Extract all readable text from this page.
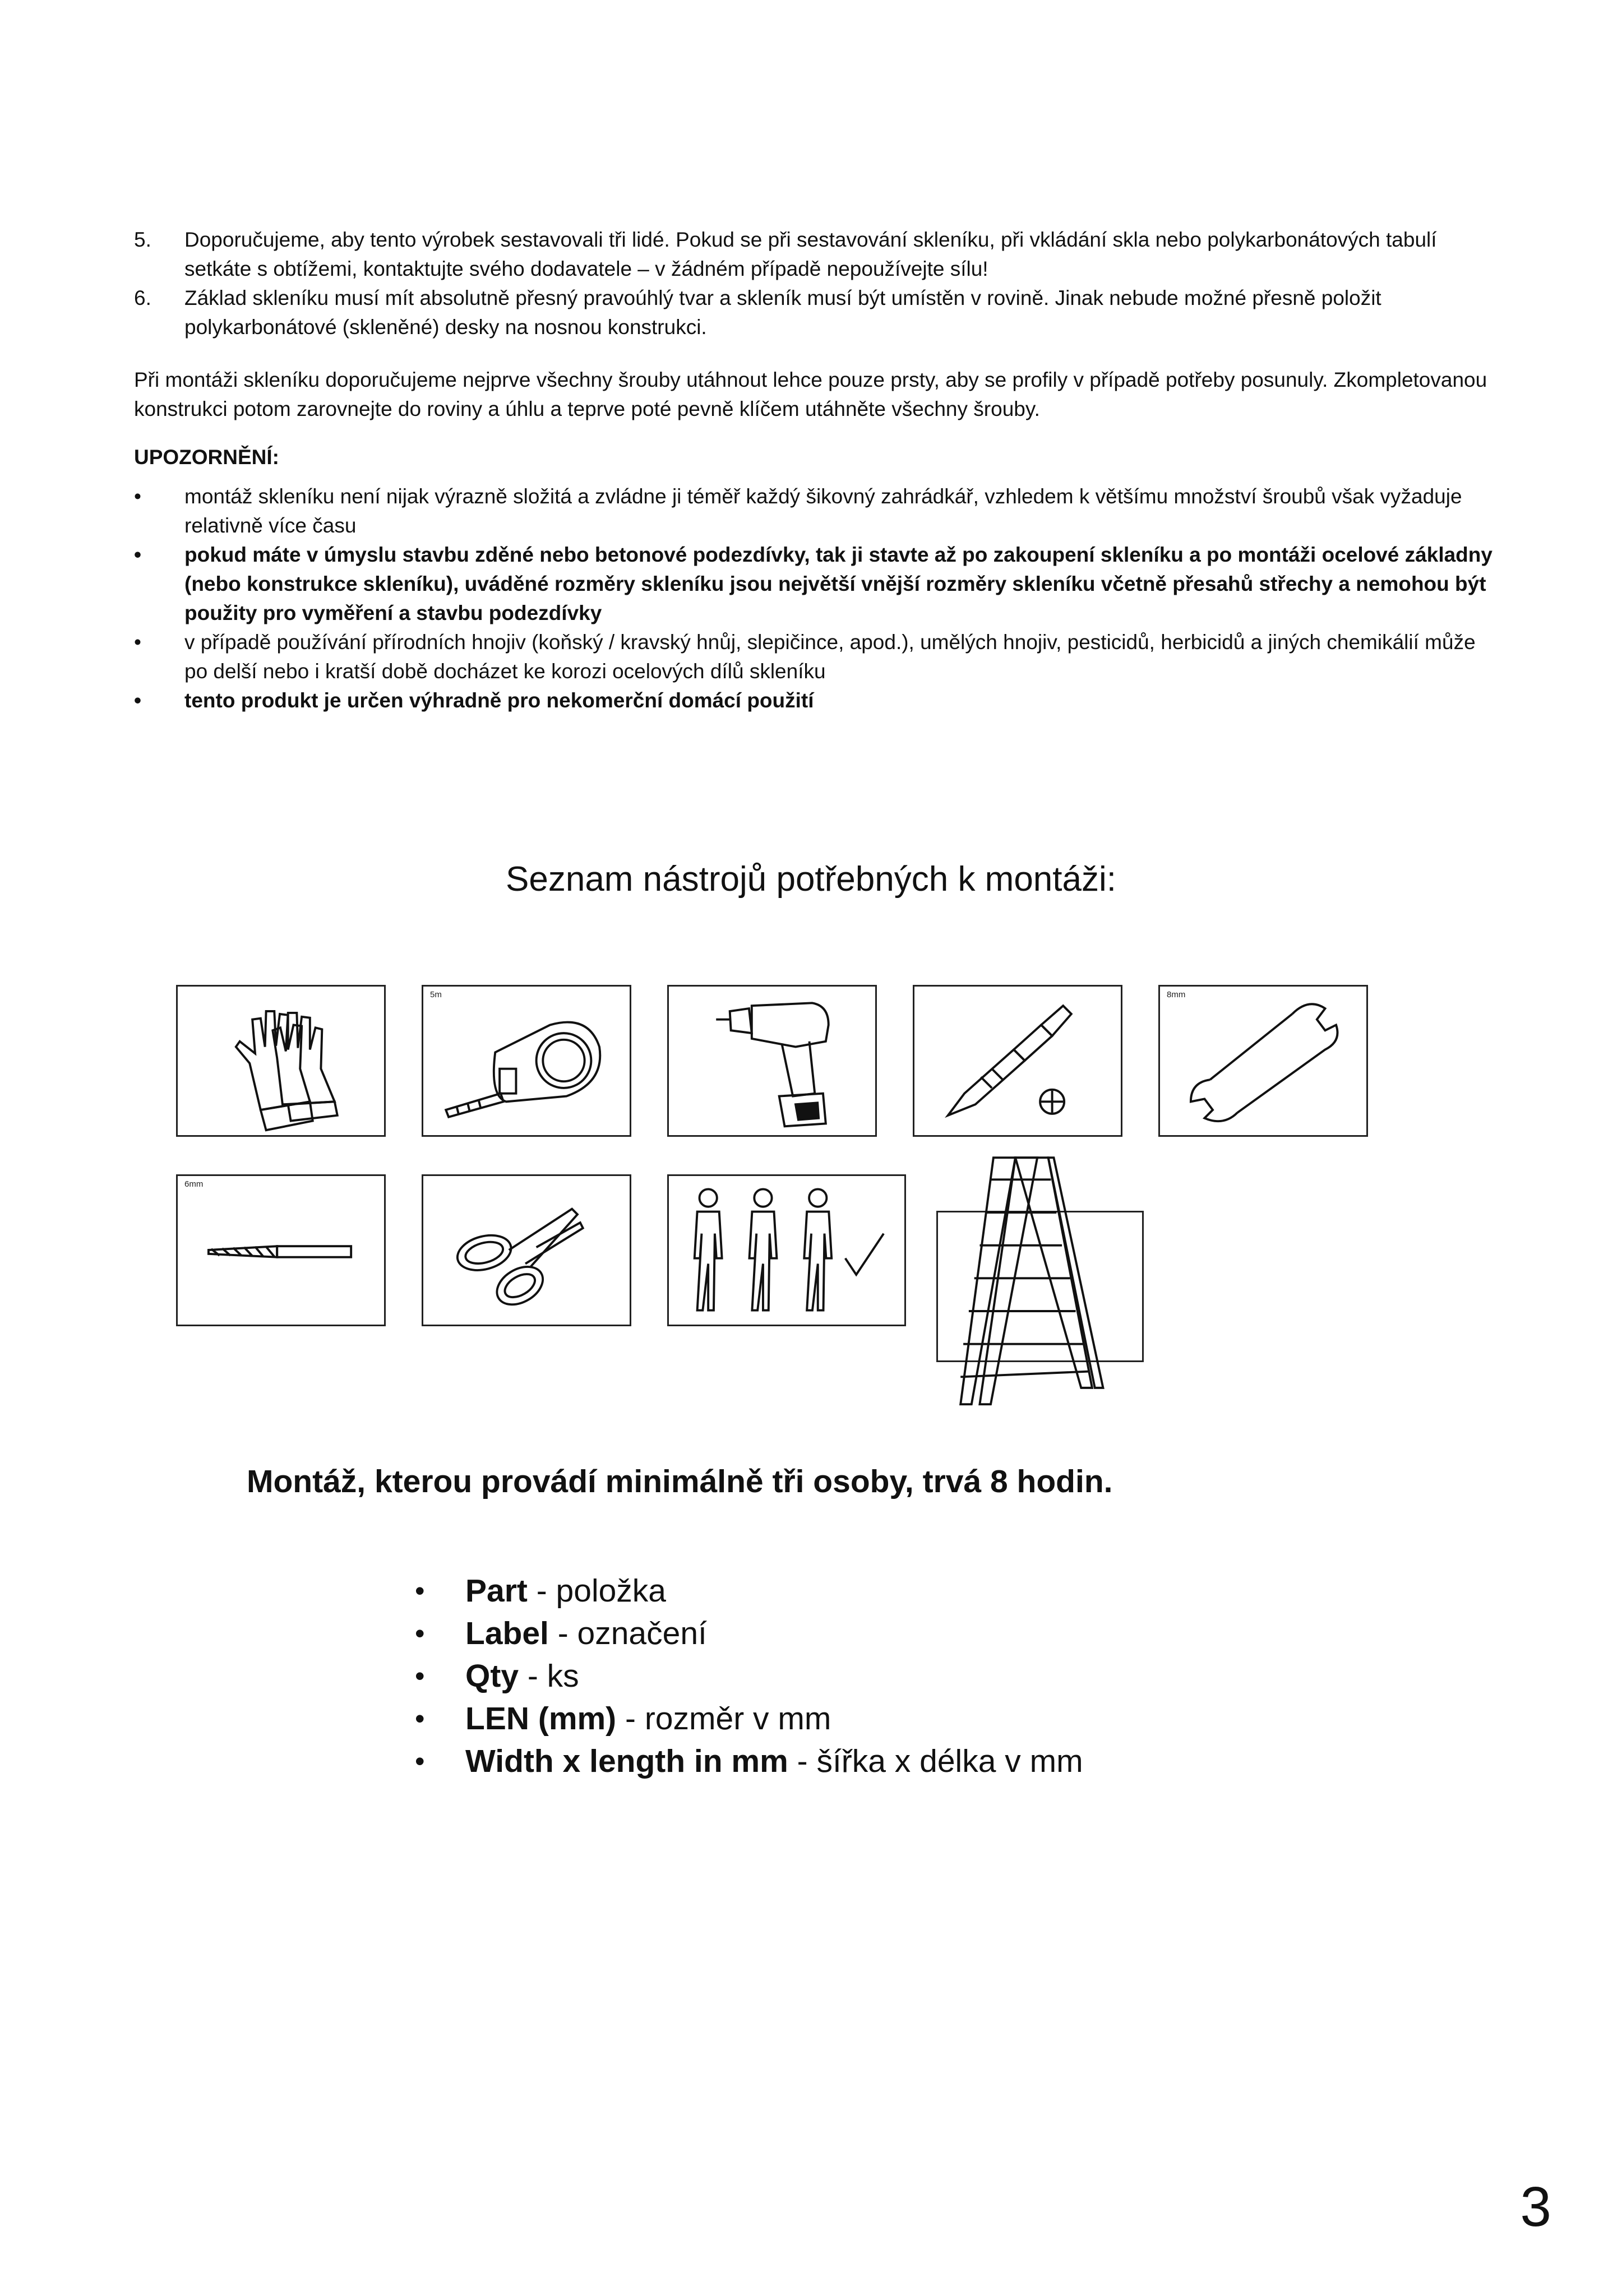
5.	Doporučujeme, aby tento výrobek sestavovali tři lidé. Pokud se při sestavování skleníku, při vkládání skla nebo polykarbonátových tabulí setkáte s obtížemi, kontaktujte svého dodavatele – v žádném případě nepoužívejte sílu!
6.	Základ skleníku musí mít absolutně přesný pravoúhlý tvar a skleník musí být umístěn v rovině. Jinak nebude možné přesně položit polykarbonátové (skleněné) desky na nosnou konstrukci.
Při montáži skleníku doporučujeme nejprve všechny šrouby utáhnout lehce pouze prsty, aby se profily v případě potřeby posunuly. Zkompletovanou konstrukci potom zarovnejte do roviny a úhlu a teprve poté pevně klíčem utáhněte všechny šrouby.
UPOZORNĚNÍ:
•	montáž skleníku není nijak výrazně složitá a zvládne ji téměř každý šikovný zahrádkář, vzhledem k většímu množství šroubů však vyžaduje relativně více času
•	pokud máte v úmyslu stavbu zděné nebo betonové podezdívky, tak ji stavte až po zakoupení skleníku a po montáži ocelové základny (nebo konstrukce skleníku), uváděné rozměry skleníku jsou největší vnější rozměry skleníku včetně přesahů střechy a nemohou být použity pro vyměření a stavbu podezdívky
•	v případě používání přírodních hnojiv (koňský / kravský hnůj, slepičince, apod.), umělých hnojiv, pesticidů, herbicidů a jiných chemikálií může po delší nebo i kratší době docházet ke korozi ocelových dílů skleníku
•	tento produkt je určen výhradně pro nekomerční domácí použití
Seznam nástrojů potřebných k montáži:
5m	8mm
6mm
Montáž, kterou provádí minimálně tři osoby, trvá 8 hodin.
•	Part - položka
•	Label - označení
•	Qty - ks
•	LEN (mm) - rozměr v mm
•	Width x length in mm - šířka x délka v mm
3
